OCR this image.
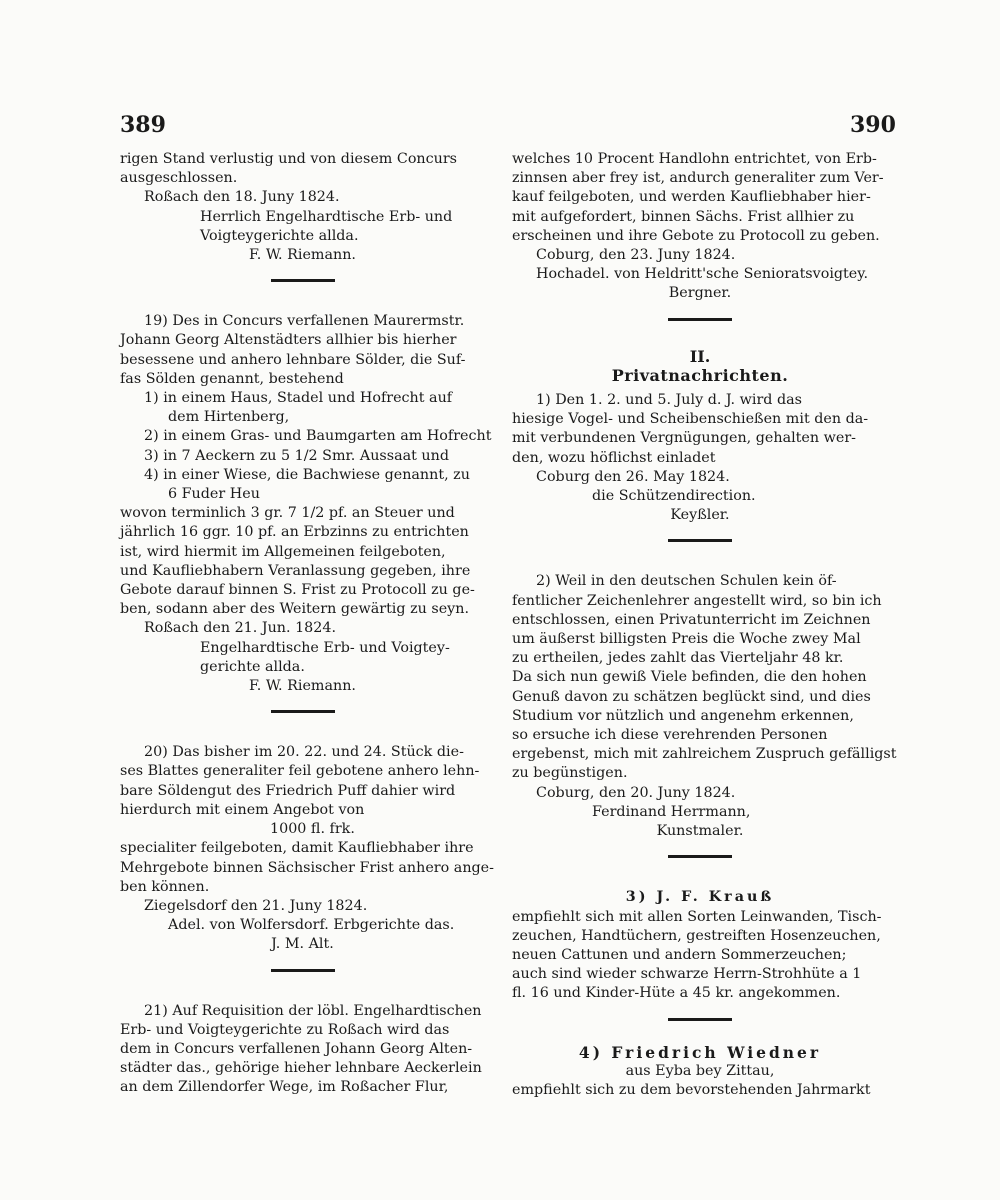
389	390
rigen Stand verlustig und von diesem Concurs
ausgeschlossen.
Roßach den 18. Juny 1824.
Herrlich Engelhardtische Erb- und
Voigteygerichte allda.
F. W. Riemann.
19) Des in Concurs verfallenen Maurermstr.
Johann Georg Altenstädters allhier bis hierher
besessene und anhero lehnbare Sölder, die Suf-
fas Sölden genannt, bestehend
1) in einem Haus, Stadel und Hofrecht auf
dem Hirtenberg,
2) in einem Gras- und Baumgarten am Hofrecht
3) in 7 Aeckern zu 5 1/2 Smr. Aussaat und
4) in einer Wiese, die Bachwiese genannt, zu
6 Fuder Heu
wovon terminlich 3 gr. 7 1/2 pf. an Steuer und
jährlich 16 ggr. 10 pf. an Erbzinns zu entrichten
ist, wird hiermit im Allgemeinen feilgeboten,
und Kaufliebhabern Veranlassung gegeben, ihre
Gebote darauf binnen S. Frist zu Protocoll zu ge-
ben, sodann aber des Weitern gewärtig zu seyn.
Roßach den 21. Jun. 1824.
Engelhardtische Erb- und Voigtey-
gerichte allda.
F. W. Riemann.
20) Das bisher im 20. 22. und 24. Stück die-
ses Blattes generaliter feil gebotene anhero lehn-
bare Söldengut des Friedrich Puff dahier wird
hierdurch mit einem Angebot von
1000 fl. frk.
specialiter feilgeboten, damit Kaufliebhaber ihre
Mehrgebote binnen Sächsischer Frist anhero ange-
ben können.
Ziegelsdorf den 21. Juny 1824.
Adel. von Wolfersdorf. Erbgerichte das.
J. M. Alt.
21) Auf Requisition der löbl. Engelhardtischen
Erb- und Voigteygerichte zu Roßach wird das
dem in Concurs verfallenen Johann Georg Alten-
städter das., gehörige hieher lehnbare Aeckerlein
an dem Zillendorfer Wege, im Roßacher Flur,
welches 10 Procent Handlohn entrichtet, von Erb-
zinnsen aber frey ist, andurch generaliter zum Ver-
kauf feilgeboten, und werden Kaufliebhaber hier-
mit aufgefordert, binnen Sächs. Frist allhier zu
erscheinen und ihre Gebote zu Protocoll zu geben.
Coburg, den 23. Juny 1824.
Hochadel. von Heldritt'sche Senioratsvoigtey.
Bergner.
II.
Privatnachrichten.
1) Den 1. 2. und 5. July d. J. wird das
hiesige Vogel- und Scheibenschießen mit den da-
mit verbundenen Vergnügungen, gehalten wer-
den, wozu höflichst einladet
Coburg den 26. May 1824.
die Schützendirection.
Keyßler.
2) Weil in den deutschen Schulen kein öf-
fentlicher Zeichenlehrer angestellt wird, so bin ich
entschlossen, einen Privatunterricht im Zeichnen
um äußerst billigsten Preis die Woche zwey Mal
zu ertheilen, jedes zahlt das Vierteljahr 48 kr.
Da sich nun gewiß Viele befinden, die den hohen
Genuß davon zu schätzen beglückt sind, und dies
Studium vor nützlich und angenehm erkennen,
so ersuche ich diese verehrenden Personen
ergebenst, mich mit zahlreichem Zuspruch gefälligst
zu begünstigen.
Coburg, den 20. Juny 1824.
Ferdinand Herrmann,
Kunstmaler.
3) J. F. Krauß
empfiehlt sich mit allen Sorten Leinwanden, Tisch-
zeuchen, Handtüchern, gestreiften Hosenzeuchen,
neuen Cattunen und andern Sommerzeuchen;
auch sind wieder schwarze Herrn-Strohhüte a 1
fl. 16 und Kinder-Hüte a 45 kr. angekommen.
4) Friedrich Wiedner
aus Eyba bey Zittau,
empfiehlt sich zu dem bevorstehenden Jahrmarkt
